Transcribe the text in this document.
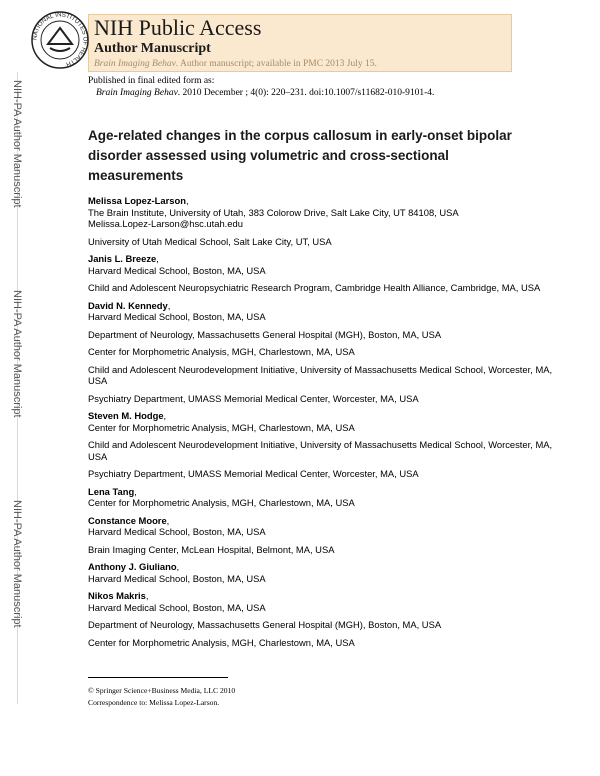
NATIONAL INSTITUTES OF HEALTH
NIH Public Access
Author Manuscript
Brain Imaging Behav. Author manuscript; available in PMC 2013 July 15.
NIH-PA Author Manuscript
NIH-PA Author Manuscript
NIH-PA Author Manuscript
Published in final edited form as:
Brain Imaging Behav. 2010 December ; 4(0): 220–231. doi:10.1007/s11682-010-9101-4.
Age-related changes in the corpus callosum in early-onset bipolar disorder assessed using volumetric and cross-sectional measurements
Melissa Lopez-Larson,
The Brain Institute, University of Utah, 383 Colorow Drive, Salt Lake City, UT 84108, USA
Melissa.Lopez-Larson@hsc.utah.edu
University of Utah Medical School, Salt Lake City, UT, USA
Janis L. Breeze,
Harvard Medical School, Boston, MA, USA
Child and Adolescent Neuropsychiatric Research Program, Cambridge Health Alliance, Cambridge, MA, USA
David N. Kennedy,
Harvard Medical School, Boston, MA, USA
Department of Neurology, Massachusetts General Hospital (MGH), Boston, MA, USA
Center for Morphometric Analysis, MGH, Charlestown, MA, USA
Child and Adolescent Neurodevelopment Initiative, University of Massachusetts Medical School, Worcester, MA, USA
Psychiatry Department, UMASS Memorial Medical Center, Worcester, MA, USA
Steven M. Hodge,
Center for Morphometric Analysis, MGH, Charlestown, MA, USA
Child and Adolescent Neurodevelopment Initiative, University of Massachusetts Medical School, Worcester, MA, USA
Psychiatry Department, UMASS Memorial Medical Center, Worcester, MA, USA
Lena Tang,
Center for Morphometric Analysis, MGH, Charlestown, MA, USA
Constance Moore,
Harvard Medical School, Boston, MA, USA
Brain Imaging Center, McLean Hospital, Belmont, MA, USA
Anthony J. Giuliano,
Harvard Medical School, Boston, MA, USA
Nikos Makris,
Harvard Medical School, Boston, MA, USA
Department of Neurology, Massachusetts General Hospital (MGH), Boston, MA, USA
Center for Morphometric Analysis, MGH, Charlestown, MA, USA
© Springer Science+Business Media, LLC 2010
Correspondence to: Melissa Lopez-Larson.
